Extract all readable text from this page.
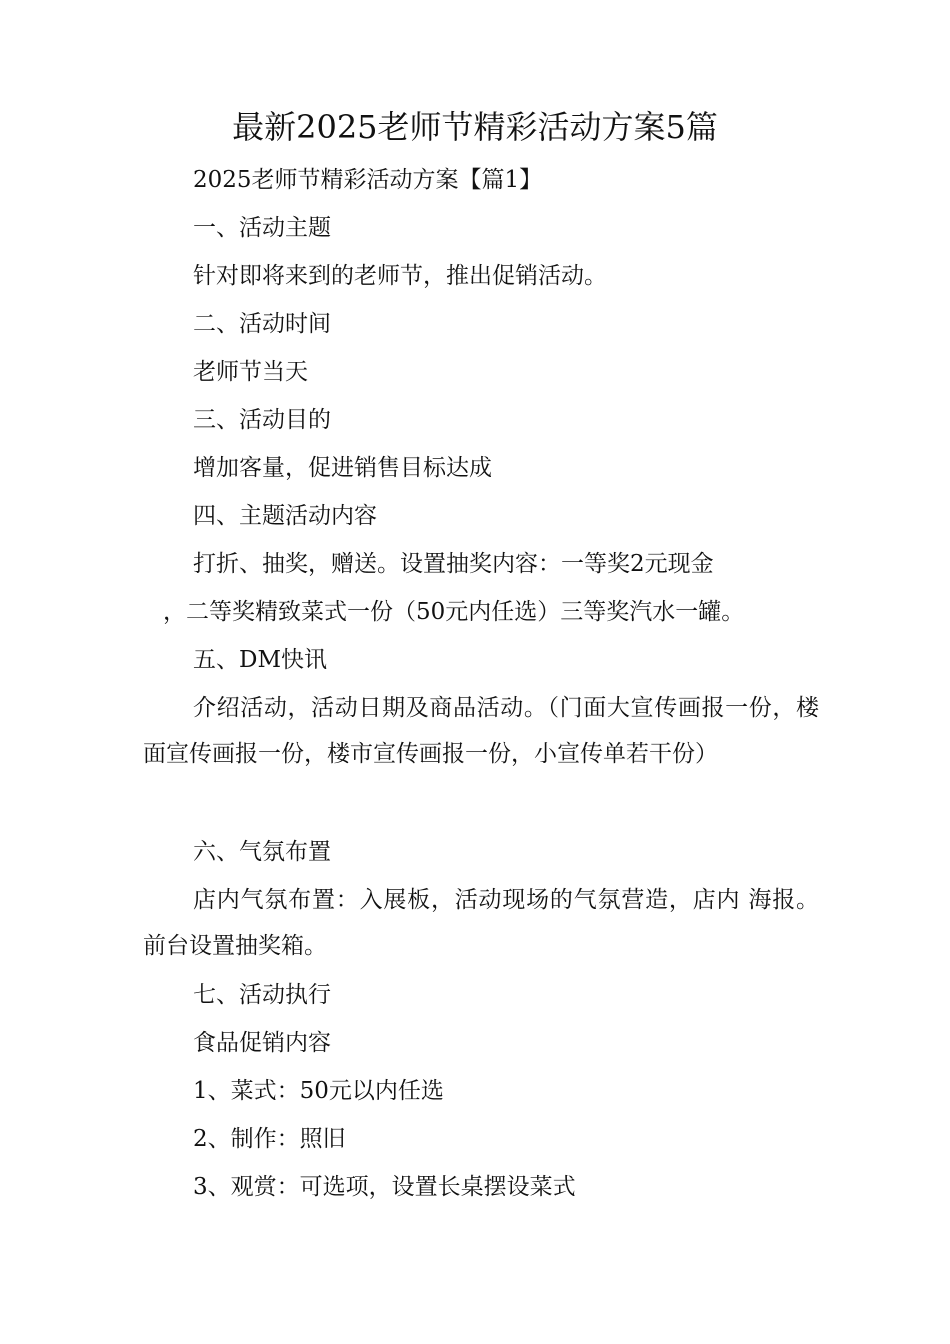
最新2025老师节精彩活动方案5篇
2025老师节精彩活动方案【篇1】
一、活动主题
针对即将来到的老师节，推出促销活动。
二、活动时间
老师节当天
三、活动目的
增加客量，促进销售目标达成
四、主题活动内容
打折、抽奖，赠送。设置抽奖内容：一等奖2元现金
，二等奖精致菜式一份（50元内任选）三等奖汽水一罐。
五、DM快讯
介绍活动，活动日期及商品活动。（门面大宣传画报一份，楼面宣传画报一份，楼市宣传画报一份，小宣传单若干份）
六、气氛布置
店内气氛布置：入展板，活动现场的气氛营造，店内 海报。前台设置抽奖箱。
七、活动执行
食品促销内容
1、菜式：50元以内任选
2、制作：照旧
3、观赏：可选项，设置长桌摆设菜式
